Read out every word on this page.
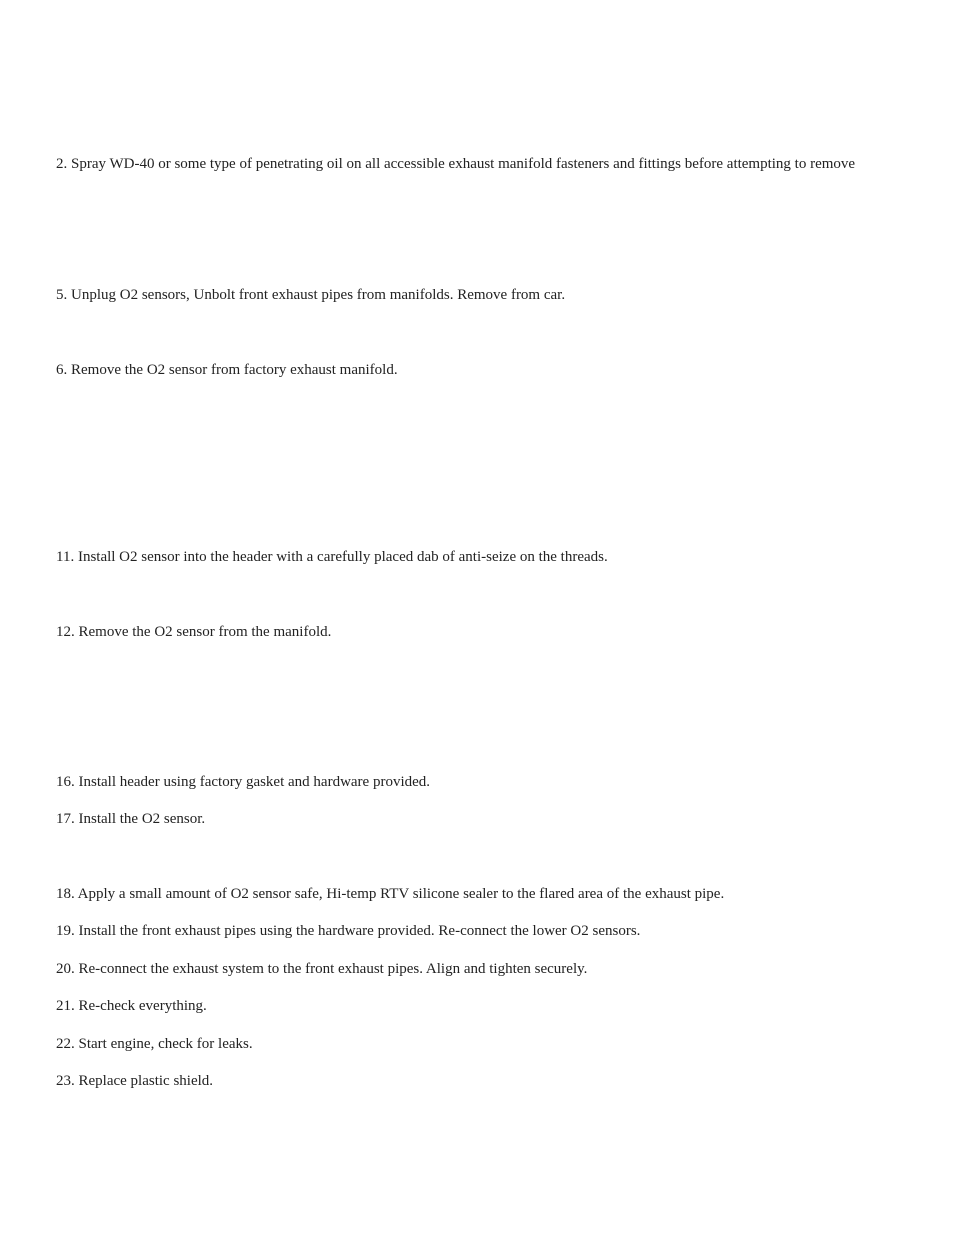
2. Spray WD-40 or some type of penetrating oil on all accessible exhaust manifold fasteners and fittings before attempting to remove

5. Unplug O2 sensors, Unbolt front exhaust pipes from manifolds. Remove from car.

6. Remove the O2 sensor from factory exhaust manifold.

11. Install O2 sensor into the header with a carefully placed dab of anti-seize on the threads.

12. Remove the O2 sensor from the manifold.

16. Install header using factory gasket and hardware provided.

17. Install the O2 sensor.

18. Apply a small amount of O2 sensor safe, Hi-temp RTV silicone sealer to the flared area of the exhaust pipe.

19. Install the front exhaust pipes using the hardware provided. Re-connect the lower O2 sensors.

20. Re-connect the exhaust system to the front exhaust pipes. Align and tighten securely.

21. Re-check everything.

22. Start engine, check for leaks.

23. Replace plastic shield.
